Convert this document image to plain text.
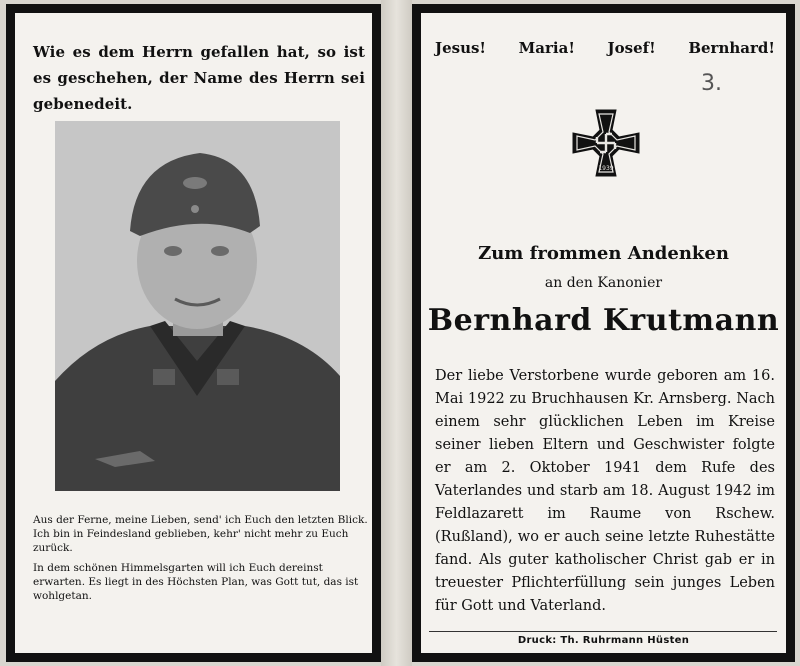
Wie es dem Herrn gefallen hat, so ist es geschehen, der Name des Herrn sei gebenedeit.

Aus der Ferne, meine Lieben, send' ich Euch den letzten Blick. Ich bin in Feindesland geblieben, kehr' nicht mehr zu Euch zurück.

In dem schönen Himmelsgarten will ich Euch dereinst erwarten. Es liegt in des Höchsten Plan, was Gott tut, das ist wohlgetan.

Jesus! Maria! Josef! Bernhard!
3.
1939
Zum frommen Andenken
an den Kanonier
Bernhard Krutmann
Der liebe Verstorbene wurde geboren am 16. Mai 1922 zu Bruchhausen Kr. Arnsberg. Nach einem sehr glücklichen Leben im Kreise seiner lieben Eltern und Geschwister folgte er am 2. Oktober 1941 dem Rufe des Vaterlandes und starb am 18. August 1942 im Feldlazarett im Raume von Rschew. (Rußland), wo er auch seine letzte Ruhestätte fand. Als guter katholischer Christ gab er in treuester Pflichterfüllung sein junges Leben für Gott und Vaterland.
Druck: Th. Ruhrmann Hüsten
